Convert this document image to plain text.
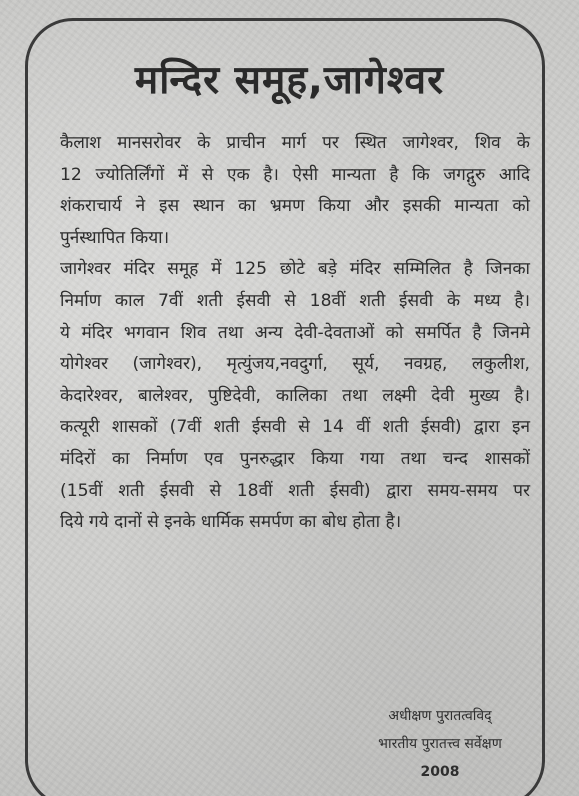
मन्दिर समूह,जागेश्वर
कैलाश मानसरोवर के प्राचीन मार्ग पर स्थित जागेश्वर, शिव के
12 ज्योतिर्लिंगों में से एक है। ऐसी मान्यता है कि जगद्गुरु आदि
शंकराचार्य ने इस स्थान का भ्रमण किया और इसकी मान्यता को
पुर्नस्थापित किया।
जागेश्वर मंदिर समूह में 125 छोटे बड़े मंदिर सम्मिलित है जिनका
निर्माण काल 7वीं शती ईसवी से 18वीं शती ईसवी के मध्य है।
ये मंदिर भगवान शिव तथा अन्य देवी-देवताओं को समर्पित है जिनमे
योगेश्वर (जागेश्वर), मृत्युंजय,नवदुर्गा, सूर्य, नवग्रह, लकुलीश,
केदारेश्वर, बालेश्वर, पुष्टिदेवी, कालिका तथा लक्ष्मी देवी मुख्य है।
कत्यूरी शासकों (7वीं शती ईसवी से 14 वीं शती ईसवी) द्वारा इन
मंदिरों का निर्माण एव पुनरुद्धार किया गया तथा चन्द शासकों
(15वीं शती ईसवी से 18वीं शती ईसवी) द्वारा समय-समय पर
दिये गये दानों से इनके धार्मिक समर्पण का बोध होता है।
अधीक्षण पुरातत्वविद्
भारतीय पुरातत्त्व सर्वेक्षण
2008
